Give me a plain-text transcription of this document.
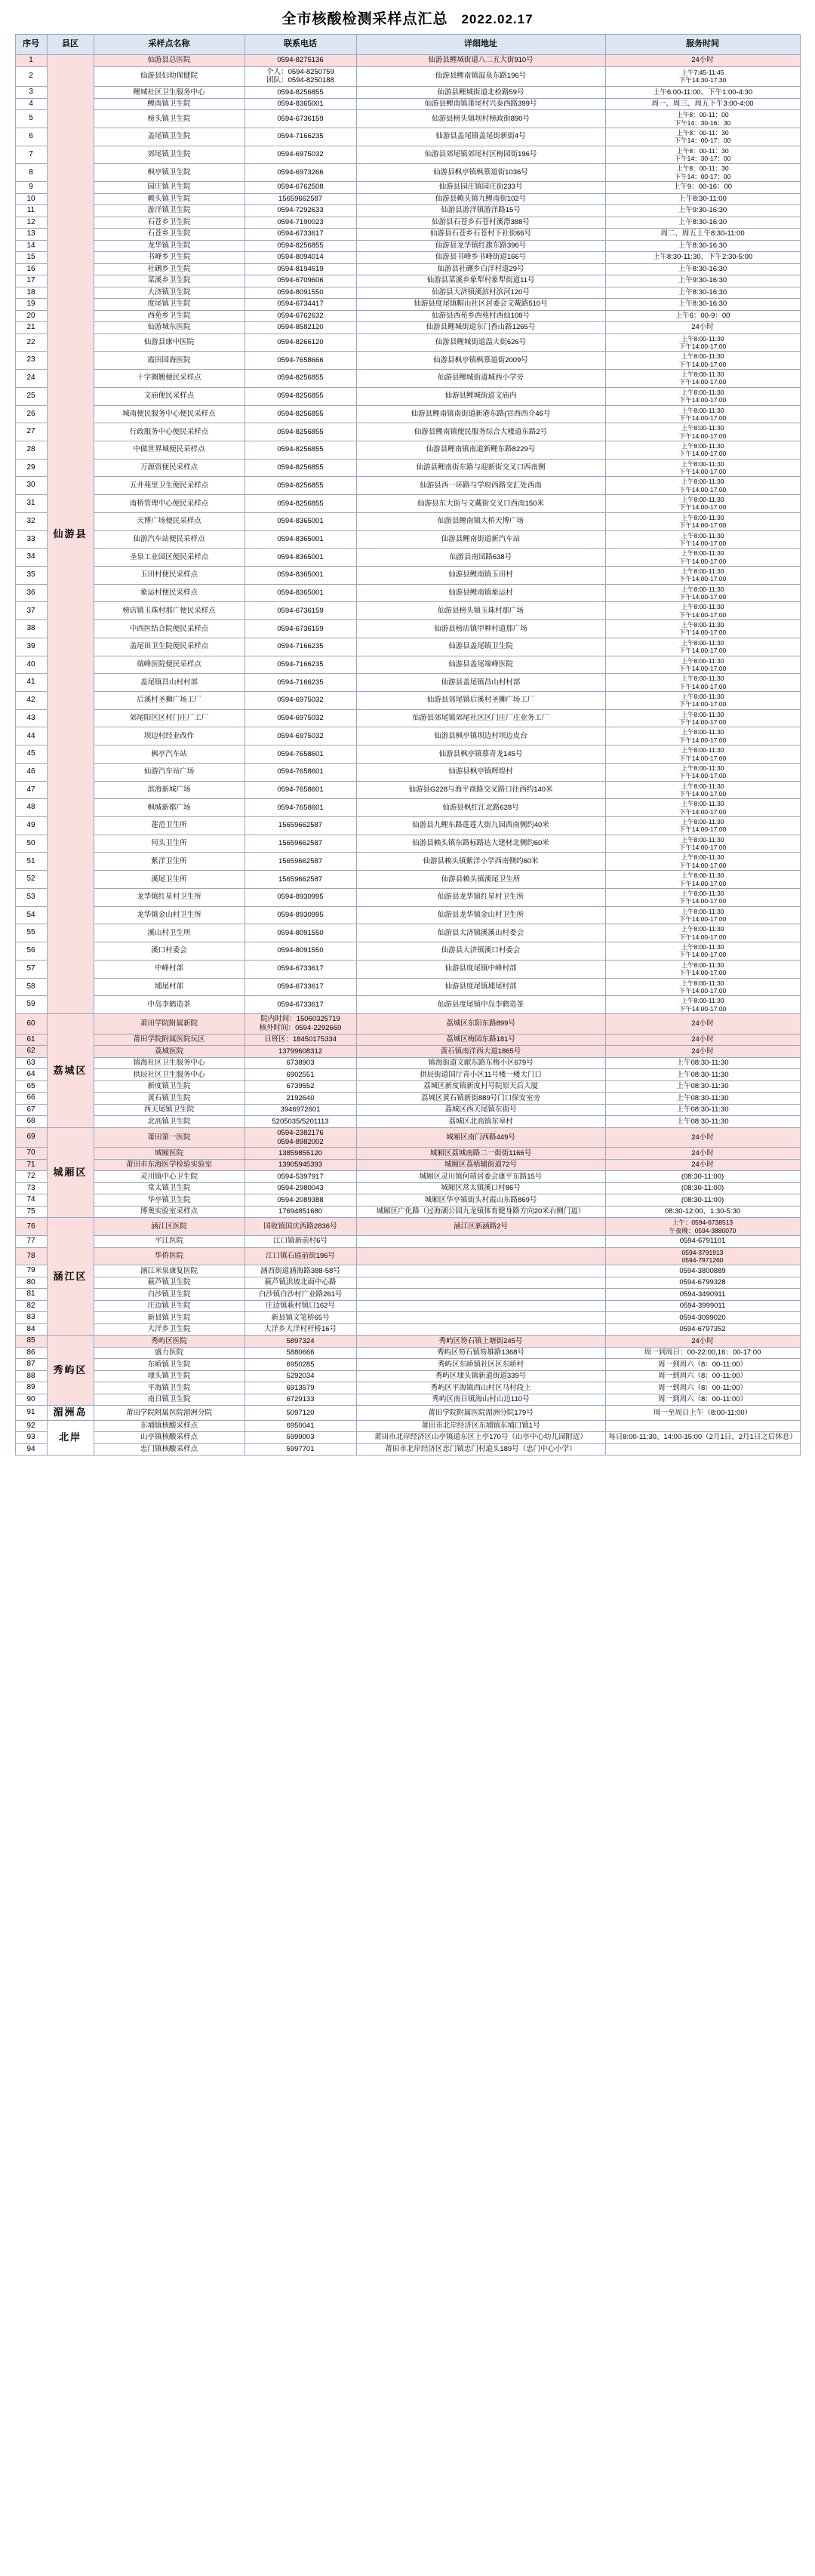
全市核酸检测采样点汇总 2022.02.17
序号	县区	采样点名称	联系电话	详细地址	服务时间
1	仙游县	仙游县总医院	0594-8275136	仙游县鲤城街道八二五大街910号	24小时
2		仙游县妇幼保健院	个人：0594-8250759
团队：0594-8250188	仙游县鲤南镇温泉东路196号	上午7:45-11:45
下午14:30-17:30
3		鲤城社区卫生服务中心	0594-8256855	仙游县鲤城街道北检路59号	上午6:00-11:00、下午1:00-4:30
4		鲤南镇卫生院	0594-8365001	仙游县鲤南镇莆尾村兴泰西路399号	周一、周三、周五下午3:00-4:00
5		榜头镇卫生院	0594-6736159	仙游县榜头镇坝村榜政街890号	上午8：00-11：00
下午14：30-16：30
6		盖尾镇卫生院	0594-7166235	仙游县盖尾镇盖尾街新街4号	上午8：00-11：30
下午14：00-17：00
7		郊尾镇卫生院	0594-6975032	仙游县郊尾镇郊尾村区梅园街196号	上午8：00-11：30
下午14：30-17：00
8		枫亭镇卫生院	0594-6973266	仙游县枫亭镇枫慕道街1036号	上午8：00-11：30
下午14：00-17：00
9		园庄镇卫生院	0594-6762508	仙游县园庄镇园庄街233号	上午9：00-16：00
10		赖头镇卫生院	15659662587	仙游县赖头镇九鲤南街102号	上午8:30-11:00
11		游洋镇卫生院	0594-7292633	仙游县游洋镇游洋路15号	上午9:30-16:30
12		石苍乡卫生院	0594-7190023	仙游县石苍乡石苍村溪漈388号	上午8:30-16:30
13		石苍乡卫生院	0594-6733617	仙游县石苍乡石苍村下社街66号	周二、周五上午8:30-11:00
14		龙华镇卫生院	0594-8256855	仙游县龙华镇红旗东路396号	上午8:30-16:30
15		书峰乡卫生院	0594-8094014	仙游县书峰乡书峰街道166号	上午8:30-11:30、下午2:30-5:00
16		社硎乡卫生院	0594-8194619	仙游县社硎乡白洋村道29号	上午8:30-16:30
17		菜溪乡卫生院	0594-6709606	仙游县菜溪乡象犁村象犁街道11号	上午9:30-16:30
18		大济镇卫生院	0594-8091550	仙游县大济镇溪滨村滨河120号	上午8:30-16:30
19		度尾镇卫生院	0594-6734417	仙游县度尾镇帽山社区居委会文戴路510号	上午8:30-16:30
20		西苑乡卫生院	0594-6762632	仙游县西苑乡西苑村西仙108号	上午6：00-9：00
21		仙游城东医院	0594-8582120	仙游县鲤城街道东门香山路1265号	24小时
22		仙游县康中医院	0594-8266120	仙游县鲤城街道温大街626号	上午8:00-11:30
下午14:00-17:00
23		霞田园海医院	0594-7658666	仙游县枫亭镇枫慕道街2009号	上午8:00-11:30
下午14:00-17:00
24		十字圈翘便民采样点	0594-8256855	仙游县鲤城街道城西小学旁	上午8:00-11:30
下午14:00-17:00
25		文庙便民采样点	0594-8256855	仙游县鲤城街道文庙内	上午8:00-11:30
下午14:00-17:00
26		城南便民服务中心便民采样点	0594-8256855	仙游县鲤南镇南街道新港东路(官西西介46号	上午8:00-11:30
下午14:00-17:00
27		行政服务中心便民采样点	0594-8256855	仙游县鲤南镇便民服务综合大楼道东路2号	上午8:00-11:30
下午14:00-17:00
28		中做世界城便民采样点	0594-8256855	仙游县鲤南镇南道新鲤东路8229号	上午8:00-11:30
下午14:00-17:00
29		万源资便民采样点	0594-8256855	仙游县鲤南街东路与迎新街交叉口西南侧	上午8:00-11:30
下午14:00-17:00
30		五井苑里卫生便民采样点	0594-8256855	仙游县西一环路与学府西路交汇处西南	上午8:00-11:30
下午14:00-17:00
31		南桥管理中心便民采样点	0594-8256855	仙游县东大街与文戴街交叉口西南150米	上午8:00-11:30
下午14:00-17:00
32		天博广场便民采样点	0594-8365001	仙游县鲤南镇大桥天博广场	上午8:00-11:30
下午14:00-17:00
33		仙游汽车站便民采样点	0594-8365001	仙游县鲤南街道新汽车站	上午8:00-11:30
下午14:00-17:00
34		圣泉工业园区便民采样点	0594-8365001	仙游县南园路638号	上午8:00-11:30
下午14:00-17:00
35		玉田村便民采样点	0594-8365001	仙游县鲤南镇玉田村	上午8:00-11:30
下午14:00-17:00
36		象运村便民采样点	0594-8365001	仙游县鲤南镇象运村	上午8:00-11:30
下午14:00-17:00
37		榜店镇玉珠村那广便民采样点	0594-6736159	仙游县榜头镇玉珠村那广场	上午8:00-11:30
下午14:00-17:00
38		中西医结合院便民采样点	0594-6736159	仙游县榜店镇甲种村道那广场	上午8:00-11:30
下午14:00-17:00
39		盖尾田卫生院便民采样点	0594-7166235	仙游县盖尾镇卫生院	上午8:00-11:30
下午14:00-17:00
40		端峰医院便民采样点	0594-7166235	仙游县盖尾端峰医院	上午8:00-11:30
下午14:00-17:00
41		盖尾镇昌山村村部	0594-7166235	仙游县盖尾镇昌山村村部	上午8:00-11:30
下午14:00-17:00
42		后溪村圣狮广场工厂	0594-6975032	仙游县郊尾镇后溪村圣狮广场工厂	上午8:00-11:30
下午14:00-17:00
43		郊尾阳区区村门庄厂工厂	0594-6975032	仙游县郊尾镇郊尾社区区门庄厂庄业务工厂	上午8:00-11:30
下午14:00-17:00
44		坝边村经业改作	0594-6975032	仙游县枫亭镇坝边村坝边皮台	上午8:00-11:30
下午14:00-17:00
45		枫亭汽车站	0594-7658601	仙游县枫亭镇慕青龙145号	上午8:00-11:30
下午14:00-17:00
46		仙游汽车站广场	0594-7658601	仙游县枫亭镇辉煌村	上午8:00-11:30
下午14:00-17:00
47		滨海新城广场	0594-7658601	仙游县G228与海平商路交叉路口往西约140米	上午8:00-11:30
下午14:00-17:00
48		枫城新都广场	0594-7658601	仙游县枫红江北路628号	上午8:00-11:30
下午14:00-17:00
49		莲范卫生所	15659662587	仙游县九鲤东路莲莲大街九园西南侧约40米	上午8:00-11:30
下午14:00-17:00
50		何头卫生所	15659662587	仙游县赖头镇东路标路达大建材北侧约60米	上午8:00-11:30
下午14:00-17:00
51		紫洋卫生所	15659662587	仙游县赖头镇紫洋小学西南侧约60米	上午8:00-11:30
下午14:00-17:00
52		溪尾卫生所	15659662587	仙游县赖头镇溪尾卫生所	上午8:00-11:30
下午14:00-17:00
53		龙华镇红星村卫生所	0594-8930995	仙游县龙华镇红星村卫生所	上午8:00-11:30
下午14:00-17:00
54		龙华镇金山村卫生所	0594-8930995	仙游县龙华镇金山村卫生所	上午8:00-11:30
下午14:00-17:00
55		溪山村卫生所	0594-8091550	仙游县大济镇溪溪山村委会	上午8:00-11:30
下午14:00-17:00
56		溪口村委会	0594-8091550	仙游县大济镇溪口村委会	上午8:00-11:30
下午14:00-17:00
57		中峰村部	0594-6733617	仙游县度尾镇中峰村部	上午8:00-11:30
下午14:00-17:00
58		埔尾村部	0594-6733617	仙游县度尾镇埔尾村部	上午8:00-11:30
下午14:00-17:00
59		中岛李鹤造茶	0594-6733617	仙游县度尾镇中岛李鹤造茶	上午8:00-11:30
下午14:00-17:00
60	荔城区	莆田学院附属新院	院内时间：15060325719
核外时间：0594-2292660	荔城区东阳东路899号	24小时
61		莆田学院附属医院玩区	日班区：18450175334	荔城区梅园东路181号	24小时
62		荔城医院	13799608312	黄石镇南洋西大道1865号	24小时
63		镇海社区卫生服务中心	6738903	镇海街道文献东路东梅小区679号	上午08:30-11:30
64		拱辰社区卫生服务中心	6902551	拱辰街道国厅青小区11号楼一楼大门口	上午08:30-11:30
65		新度镇卫生院	6739552	荔城区新度镇新度村号院原天后大厦	上午08:30-11:30
66		黄石镇卫生院	2192640	荔城区黄石镇新街889号门口保安室旁	上午08:30-11:30
67		西天尾镇卫生院	3946972601	荔城区西天尾镇东街号	上午08:30-11:30
68		北高镇卫生院	5205035/5201113	荔城区北高镇东皋村	上午08:30-11:30
69	城厢区	莆田第一医院	0594-2382176
0594-8982002	城厢区南门西路449号	24小时
70		城厢医院	13859855120	城厢区荔城南路二一街街1166号	24小时
71		莆田市东海医学检验实验室	13905945393	城厢区荔梧辅街道72号	24小时
72		灵川镇中心卫生院	0594-5397917	城厢区灵川镇何靖居委会康平东路15号	(08:30-11:00)
73		常太镇卫生院	0594-2980043	城厢区常太镇溪口村86号	(08:30-11:00)
74		华亭镇卫生院	0594-2089388	城厢区华亭镇街头村霞山东路869号	(08:30-11:00)
75		博奥实验室采样点	17694851680	城厢区广化路（过海湖公园九龙镇体育健身路方向20米右侧门道）	08:30-12:00、1:30-5:30
76	涵江区	涵江区医院	国收镇国庆西路2836号	涵江区新涵路2号	上午：0594-6738513
午夜晚：0594-3880070
77		平江医院	江口镇新前村6号		0594-6791101
78		华侨医院	江口镇石庭前街196号		0594-3791913
0594-7971260
79		涵江米泉康复医院	涵西街道涵海路388-58号		0594-3800889
80		萩芦镇卫生院	萩芦镇洪坡北面中心路		0594-6799328
81		白沙镇卫生院	白沙镇白沙村广业路261号		0594-3490911
82		庄边镇卫生院	庄边镇萩村镇口162号		0594-3999011
83		新县镇卫生院	新县镇文笔桥65号		0594-3099020
84		大洋乡卫生院	大洋乡大洋村杆桥16号		0594-6797352
85	秀屿区	秀屿区医院	5897324	秀屿区笏石镇上塘街245号	24小时
86		盛力医院	5880666	秀屿区笏石镇笏雄路1368号	周一到周日：00-22:00,16：00-17:00
87		东峤镇卫生院	6950285	秀屿区东峤镇社区区东峤村	周一到周六（8：00-11:00）
88		埭头镇卫生院	5292034	秀屿区埭头镇新道街道339号	周一到周六（8：00-11:00）
89		平海镇卫生院	6913579	秀屿区平海镇西山村区马村段上	周一到周六（8：00-11:00）
90		南日镇卫生院	6729133	秀屿区南日镇海山村山边110号	周一到周六（8：00-11:00）
91	湄洲岛	莆田学院附属医院湄洲分院	5097120	莆田学院附属医院湄洲分院179号	周一至周日上午（8:00-11:00）
92	北岸	东埔镇核酸采样点	6950041	莆田市北岸经济区东埔镇东埔口镇1号	
93		山亭镇核酸采样点	5999003	莆田市北岸经济区山亭镇道东区上亭170号（山亭中心幼儿园附近）	每日8:00-11:30、14:00-15:00（2月1日、2月1日之后休息）
94		忠门镇核酸采样点	5997701	莆田市北岸经济区忠门镇忠门村道头189号（忠门中心小学）	
